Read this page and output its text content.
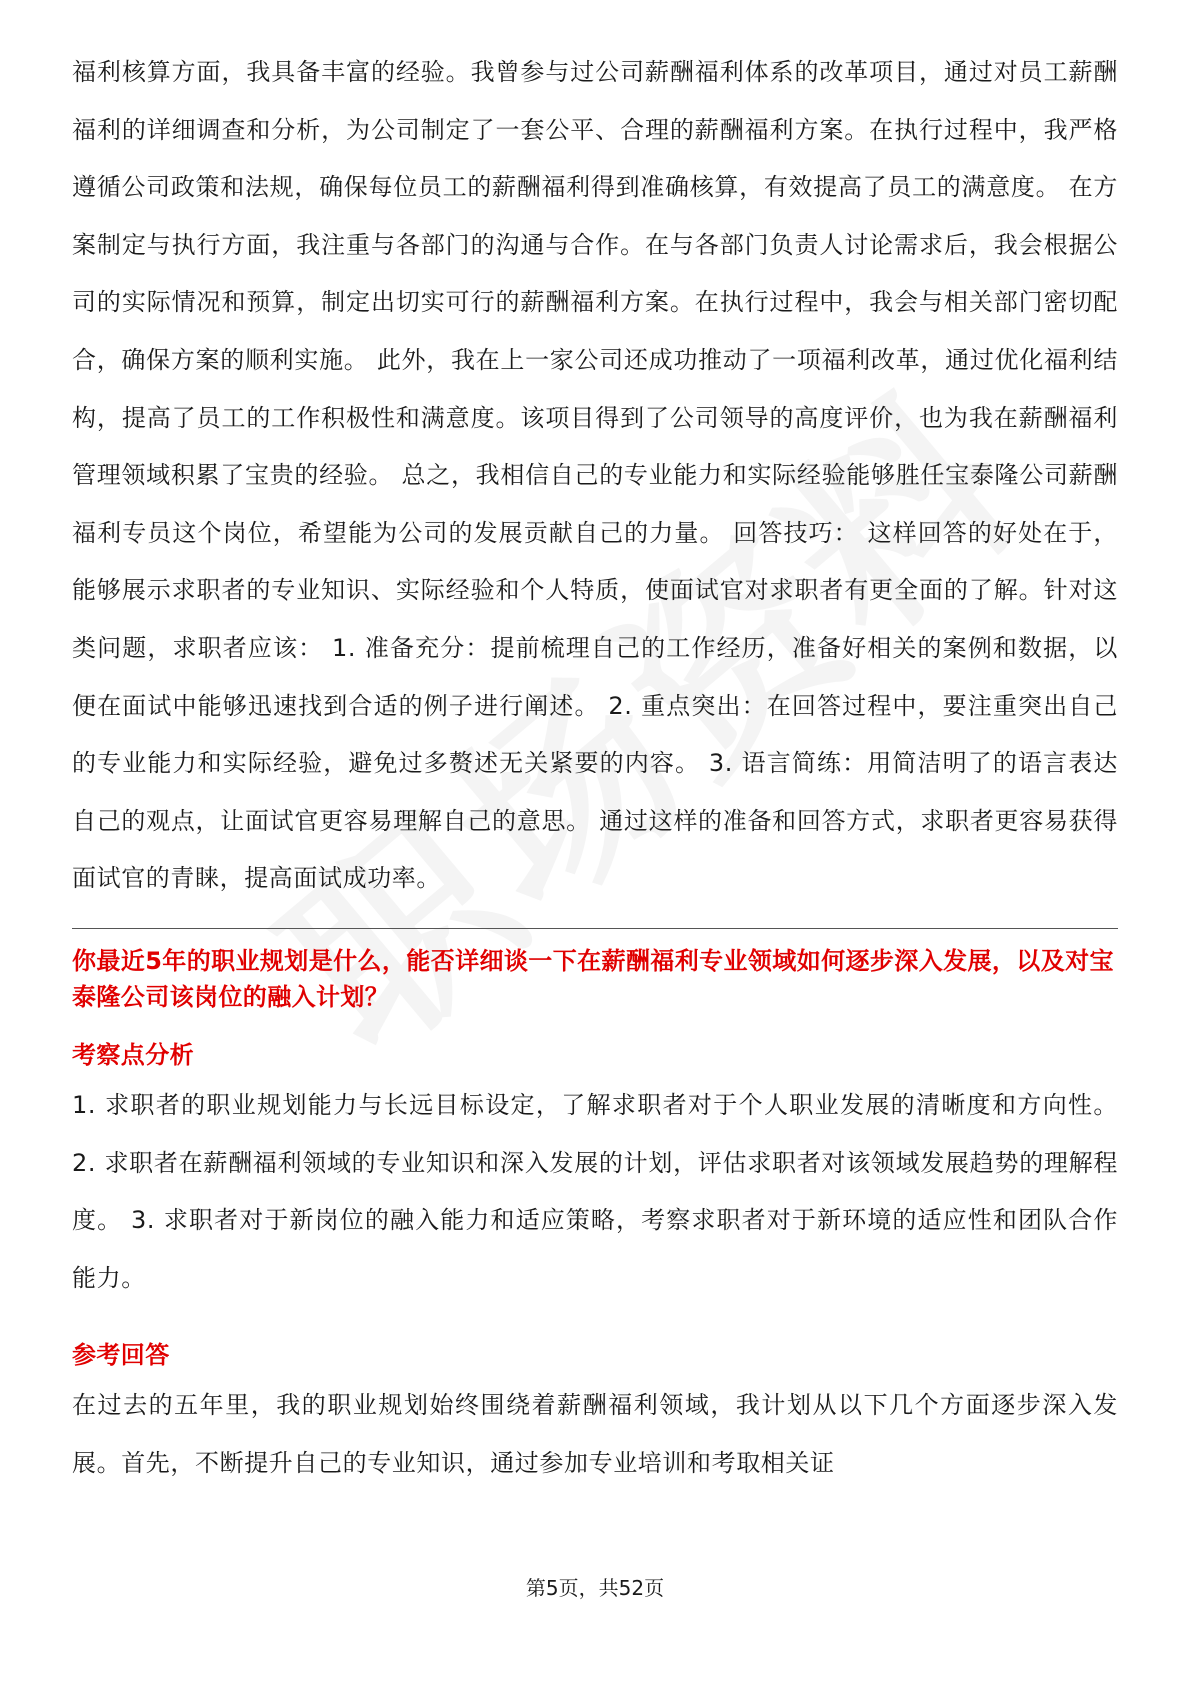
福利核算方面，我具备丰富的经验。我曾参与过公司薪酬福利体系的改革项目，通过对员工薪酬福利的详细调查和分析，为公司制定了一套公平、合理的薪酬福利方案。在执行过程中，我严格遵循公司政策和法规，确保每位员工的薪酬福利得到准确核算，有效提高了员工的满意度。 在方案制定与执行方面，我注重与各部门的沟通与合作。在与各部门负责人讨论需求后，我会根据公司的实际情况和预算，制定出切实可行的薪酬福利方案。在执行过程中，我会与相关部门密切配合，确保方案的顺利实施。 此外，我在上一家公司还成功推动了一项福利改革，通过优化福利结构，提高了员工的工作积极性和满意度。该项目得到了公司领导的高度评价，也为我在薪酬福利管理领域积累了宝贵的经验。 总之，我相信自己的专业能力和实际经验能够胜任宝泰隆公司薪酬福利专员这个岗位，希望能为公司的发展贡献自己的力量。 回答技巧： 这样回答的好处在于，能够展示求职者的专业知识、实际经验和个人特质，使面试官对求职者有更全面的了解。针对这类问题，求职者应该： 1. 准备充分：提前梳理自己的工作经历，准备好相关的案例和数据，以便在面试中能够迅速找到合适的例子进行阐述。 2. 重点突出：在回答过程中，要注重突出自己的专业能力和实际经验，避免过多赘述无关紧要的内容。 3. 语言简练：用简洁明了的语言表达自己的观点，让面试官更容易理解自己的意思。 通过这样的准备和回答方式，求职者更容易获得面试官的青睐，提高面试成功率。

你最近5年的职业规划是什么，能否详细谈一下在薪酬福利专业领域如何逐步深入发展，以及对宝泰隆公司该岗位的融入计划？

考察点分析

1. 求职者的职业规划能力与长远目标设定，了解求职者对于个人职业发展的清晰度和方向性。 2. 求职者在薪酬福利领域的专业知识和深入发展的计划，评估求职者对该领域发展趋势的理解程度。 3. 求职者对于新岗位的融入能力和适应策略，考察求职者对于新环境的适应性和团队合作能力。

参考回答

在过去的五年里，我的职业规划始终围绕着薪酬福利领域，我计划从以下几个方面逐步深入发展。首先，不断提升自己的专业知识，通过参加专业培训和考取相关证

第5页，共52页
